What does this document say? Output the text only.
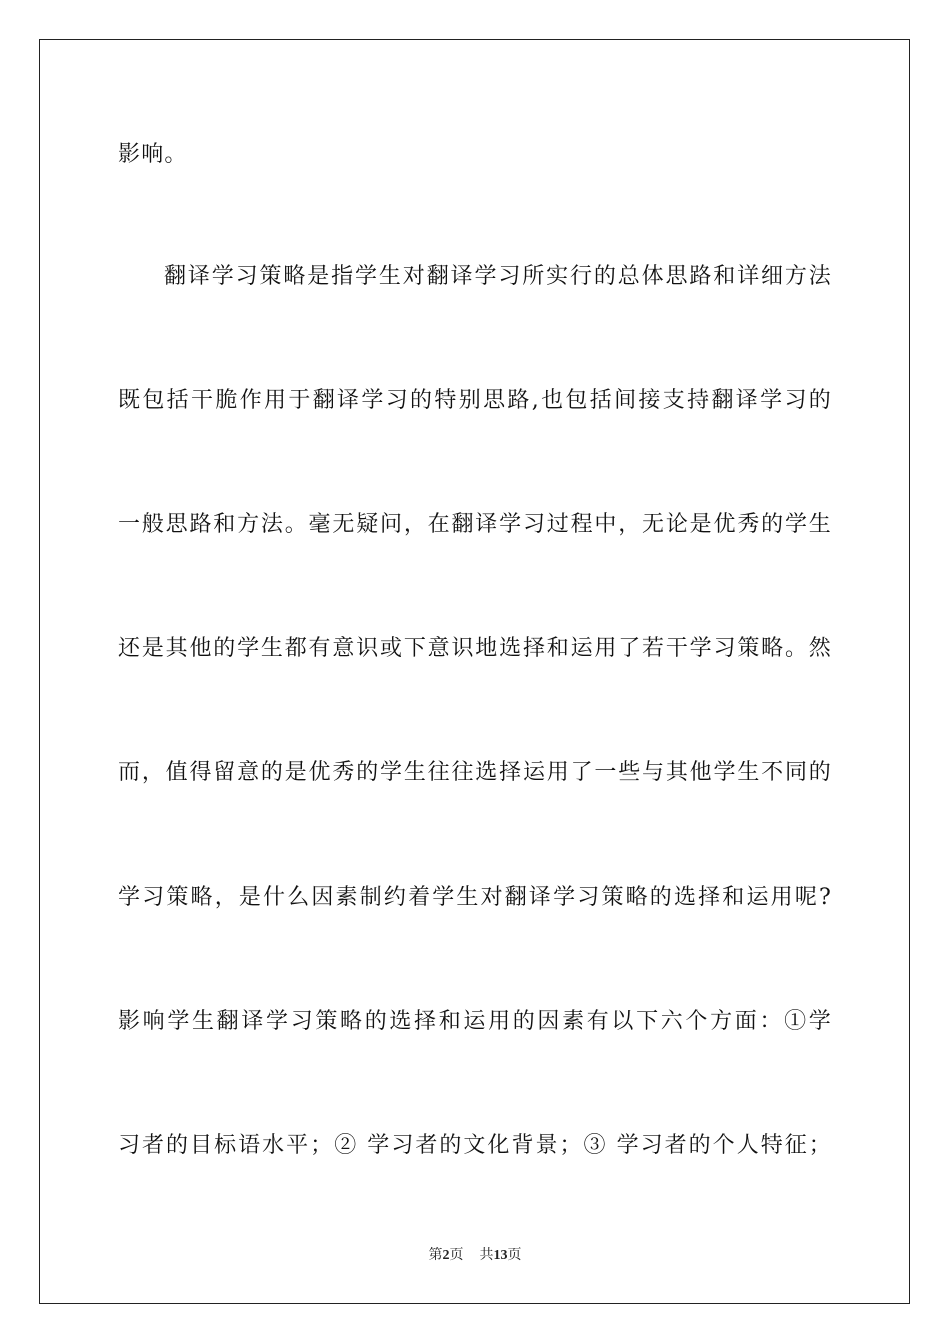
影响。
翻译学习策略是指学生对翻译学习所实行的总体思路和详细方法
既包括干脆作用于翻译学习的特别思路,也包括间接支持翻译学习的
一般思路和方法。毫无疑问，在翻译学习过程中，无论是优秀的学生
还是其他的学生都有意识或下意识地选择和运用了若干学习策略。然
而，值得留意的是优秀的学生往往选择运用了一些与其他学生不同的
学习策略，是什么因素制约着学生对翻译学习策略的选择和运用呢?
影响学生翻译学习策略的选择和运用的因素有以下六个方面：①学
习者的目标语水平；② 学习者的文化背景；③ 学习者的个人特征；
第2页 共13页
